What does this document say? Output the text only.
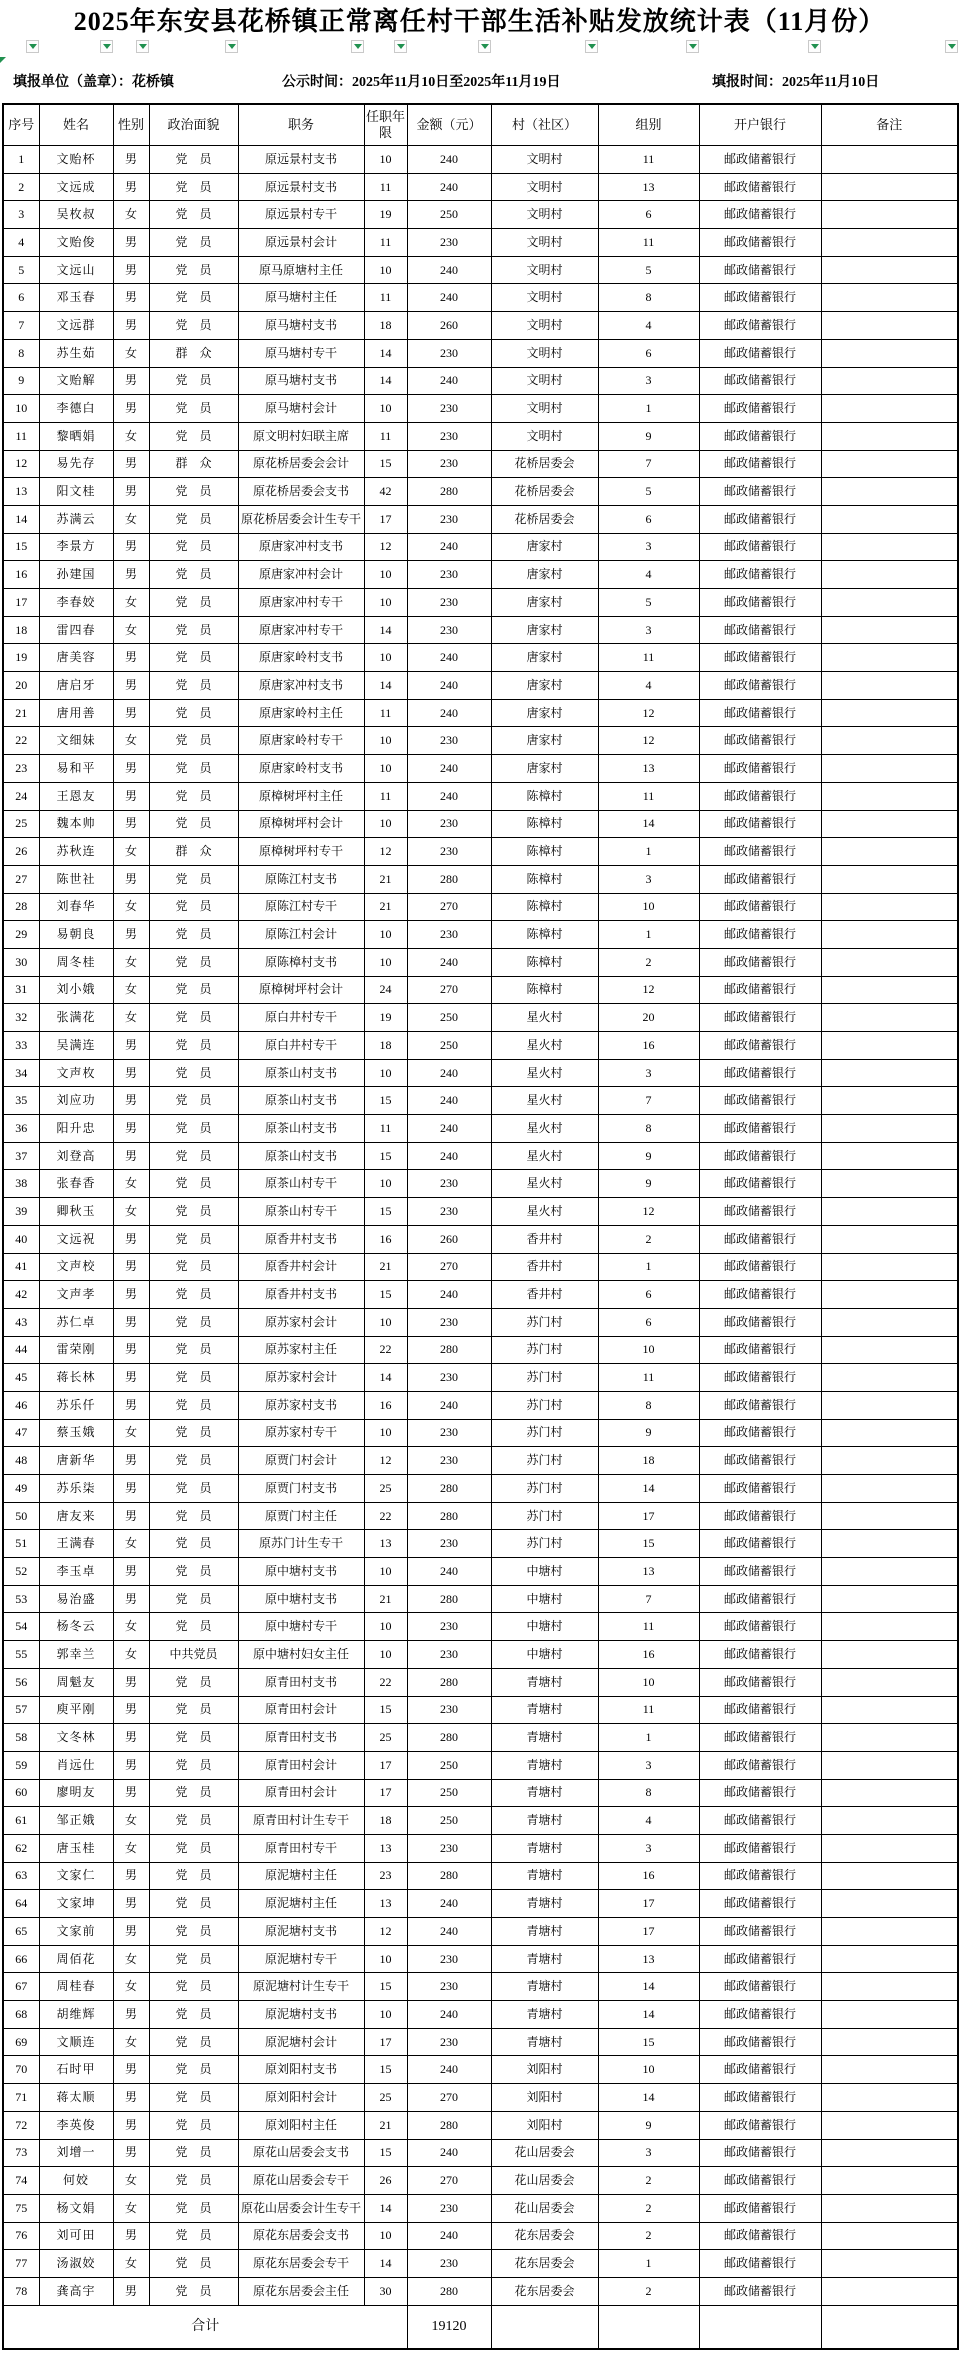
2025年东安县花桥镇正常离任村干部生活补贴发放统计表（11月份）
填报单位（盖章）：花桥镇	公示时间：2025年11月10日至2025年11月19日	填报时间：2025年11月10日
序号	姓名	性别	政治面貌	职务	任职年限	金额（元）	村（社区）	组别	开户银行	备注
1	文贻杯	男	党　员	原远景村支书	10	240	文明村	11	邮政储蓄银行	
2	文远成	男	党　员	原远景村支书	11	240	文明村	13	邮政储蓄银行	
3	吴枚叔	女	党　员	原远景村专干	19	250	文明村	6	邮政储蓄银行	
4	文贻俊	男	党　员	原远景村会计	11	230	文明村	11	邮政储蓄银行	
5	文远山	男	党　员	原马原塘村主任	10	240	文明村	5	邮政储蓄银行	
6	邓玉春	男	党　员	原马塘村主任	11	240	文明村	8	邮政储蓄银行	
7	文远群	男	党　员	原马塘村支书	18	260	文明村	4	邮政储蓄银行	
8	苏生茹	女	群　众	原马塘村专干	14	230	文明村	6	邮政储蓄银行	
9	文贻解	男	党　员	原马塘村支书	14	240	文明村	3	邮政储蓄银行	
10	李德白	男	党　员	原马塘村会计	10	230	文明村	1	邮政储蓄银行	
11	黎晒娟	女	党　员	原文明村妇联主席	11	230	文明村	9	邮政储蓄银行	
12	易先存	男	群　众	原花桥居委会会计	15	230	花桥居委会	7	邮政储蓄银行	
13	阳文桂	男	党　员	原花桥居委会支书	42	280	花桥居委会	5	邮政储蓄银行	
14	苏满云	女	党　员	原花桥居委会计生专干	17	230	花桥居委会	6	邮政储蓄银行	
15	李景方	男	党　员	原唐家冲村支书	12	240	唐家村	3	邮政储蓄银行	
16	孙建国	男	党　员	原唐家冲村会计	10	230	唐家村	4	邮政储蓄银行	
17	李春姣	女	党　员	原唐家冲村专干	10	230	唐家村	5	邮政储蓄银行	
18	雷四春	女	党　员	原唐家冲村专干	14	230	唐家村	3	邮政储蓄银行	
19	唐美容	男	党　员	原唐家岭村支书	10	240	唐家村	11	邮政储蓄银行	
20	唐启牙	男	党　员	原唐家冲村支书	14	240	唐家村	4	邮政储蓄银行	
21	唐用善	男	党　员	原唐家岭村主任	11	240	唐家村	12	邮政储蓄银行	
22	文细妹	女	党　员	原唐家岭村专干	10	230	唐家村	12	邮政储蓄银行	
23	易和平	男	党　员	原唐家岭村支书	10	240	唐家村	13	邮政储蓄银行	
24	王恩友	男	党　员	原樟树坪村主任	11	240	陈樟村	11	邮政储蓄银行	
25	魏本帅	男	党　员	原樟树坪村会计	10	230	陈樟村	14	邮政储蓄银行	
26	苏秋连	女	群　众	原樟树坪村专干	12	230	陈樟村	1	邮政储蓄银行	
27	陈世社	男	党　员	原陈江村支书	21	280	陈樟村	3	邮政储蓄银行	
28	刘春华	女	党　员	原陈江村专干	21	270	陈樟村	10	邮政储蓄银行	
29	易朝良	男	党　员	原陈江村会计	10	230	陈樟村	1	邮政储蓄银行	
30	周冬桂	女	党　员	原陈樟村支书	10	240	陈樟村	2	邮政储蓄银行	
31	刘小娥	女	党　员	原樟树坪村会计	24	270	陈樟村	12	邮政储蓄银行	
32	张满花	女	党　员	原白井村专干	19	250	星火村	20	邮政储蓄银行	
33	吴满连	男	党　员	原白井村专干	18	250	星火村	16	邮政储蓄银行	
34	文声枚	男	党　员	原茶山村支书	10	240	星火村	3	邮政储蓄银行	
35	刘应功	男	党　员	原茶山村支书	15	240	星火村	7	邮政储蓄银行	
36	阳升忠	男	党　员	原茶山村支书	11	240	星火村	8	邮政储蓄银行	
37	刘登高	男	党　员	原茶山村支书	15	240	星火村	9	邮政储蓄银行	
38	张春香	女	党　员	原茶山村专干	10	230	星火村	9	邮政储蓄银行	
39	卿秋玉	女	党　员	原茶山村专干	15	230	星火村	12	邮政储蓄银行	
40	文远祝	男	党　员	原香井村支书	16	260	香井村	2	邮政储蓄银行	
41	文声校	男	党　员	原香井村会计	21	270	香井村	1	邮政储蓄银行	
42	文声孝	男	党　员	原香井村支书	15	240	香井村	6	邮政储蓄银行	
43	苏仁卓	男	党　员	原苏家村会计	10	230	苏门村	6	邮政储蓄银行	
44	雷荣刚	男	党　员	原苏家村主任	22	280	苏门村	10	邮政储蓄银行	
45	蒋长林	男	党　员	原苏家村会计	14	230	苏门村	11	邮政储蓄银行	
46	苏乐仟	男	党　员	原苏家村支书	16	240	苏门村	8	邮政储蓄银行	
47	蔡玉娥	女	党　员	原苏家村专干	10	230	苏门村	9	邮政储蓄银行	
48	唐新华	男	党　员	原贾门村会计	12	230	苏门村	18	邮政储蓄银行	
49	苏乐柒	男	党　员	原贾门村支书	25	280	苏门村	14	邮政储蓄银行	
50	唐友来	男	党　员	原贾门村主任	22	280	苏门村	17	邮政储蓄银行	
51	王满春	女	党　员	原苏门计生专干	13	230	苏门村	15	邮政储蓄银行	
52	李玉卓	男	党　员	原中塘村支书	10	240	中塘村	13	邮政储蓄银行	
53	易治盛	男	党　员	原中塘村支书	21	280	中塘村	7	邮政储蓄银行	
54	杨冬云	女	党　员	原中塘村专干	10	230	中塘村	11	邮政储蓄银行	
55	郭幸兰	女	中共党员	原中塘村妇女主任	10	230	中塘村	16	邮政储蓄银行	
56	周魁友	男	党　员	原青田村支书	22	280	青塘村	10	邮政储蓄银行	
57	庾平刚	男	党　员	原青田村会计	15	230	青塘村	11	邮政储蓄银行	
58	文冬林	男	党　员	原青田村支书	25	280	青塘村	1	邮政储蓄银行	
59	肖远仕	男	党　员	原青田村会计	17	250	青塘村	3	邮政储蓄银行	
60	廖明友	男	党　员	原青田村会计	17	250	青塘村	8	邮政储蓄银行	
61	邹正娥	女	党　员	原青田村计生专干	18	250	青塘村	4	邮政储蓄银行	
62	唐玉桂	女	党　员	原青田村专干	13	230	青塘村	3	邮政储蓄银行	
63	文家仁	男	党　员	原泥塘村主任	23	280	青塘村	16	邮政储蓄银行	
64	文家坤	男	党　员	原泥塘村主任	13	240	青塘村	17	邮政储蓄银行	
65	文家前	男	党　员	原泥塘村支书	12	240	青塘村	17	邮政储蓄银行	
66	周佰花	女	党　员	原泥塘村专干	10	230	青塘村	13	邮政储蓄银行	
67	周桂春	女	党　员	原泥塘村计生专干	15	230	青塘村	14	邮政储蓄银行	
68	胡维辉	男	党　员	原泥塘村支书	10	240	青塘村	14	邮政储蓄银行	
69	文顺连	女	党　员	原泥塘村会计	17	230	青塘村	15	邮政储蓄银行	
70	石时甲	男	党　员	原刘阳村支书	15	240	刘阳村	10	邮政储蓄银行	
71	蒋太顺	男	党　员	原刘阳村会计	25	270	刘阳村	14	邮政储蓄银行	
72	李英俊	男	党　员	原刘阳村主任	21	280	刘阳村	9	邮政储蓄银行	
73	刘增一	男	党　员	原花山居委会支书	15	240	花山居委会	3	邮政储蓄银行	
74	何姣	女	党　员	原花山居委会专干	26	270	花山居委会	2	邮政储蓄银行	
75	杨文娟	女	党　员	原花山居委会计生专干	14	230	花山居委会	2	邮政储蓄银行	
76	刘可田	男	党　员	原花东居委会支书	10	240	花东居委会	2	邮政储蓄银行	
77	汤淑姣	女	党　员	原花东居委会专干	14	230	花东居委会	1	邮政储蓄银行	
78	龚高宇	男	党　员	原花东居委会主任	30	280	花东居委会	2	邮政储蓄银行	
合计						19120				
